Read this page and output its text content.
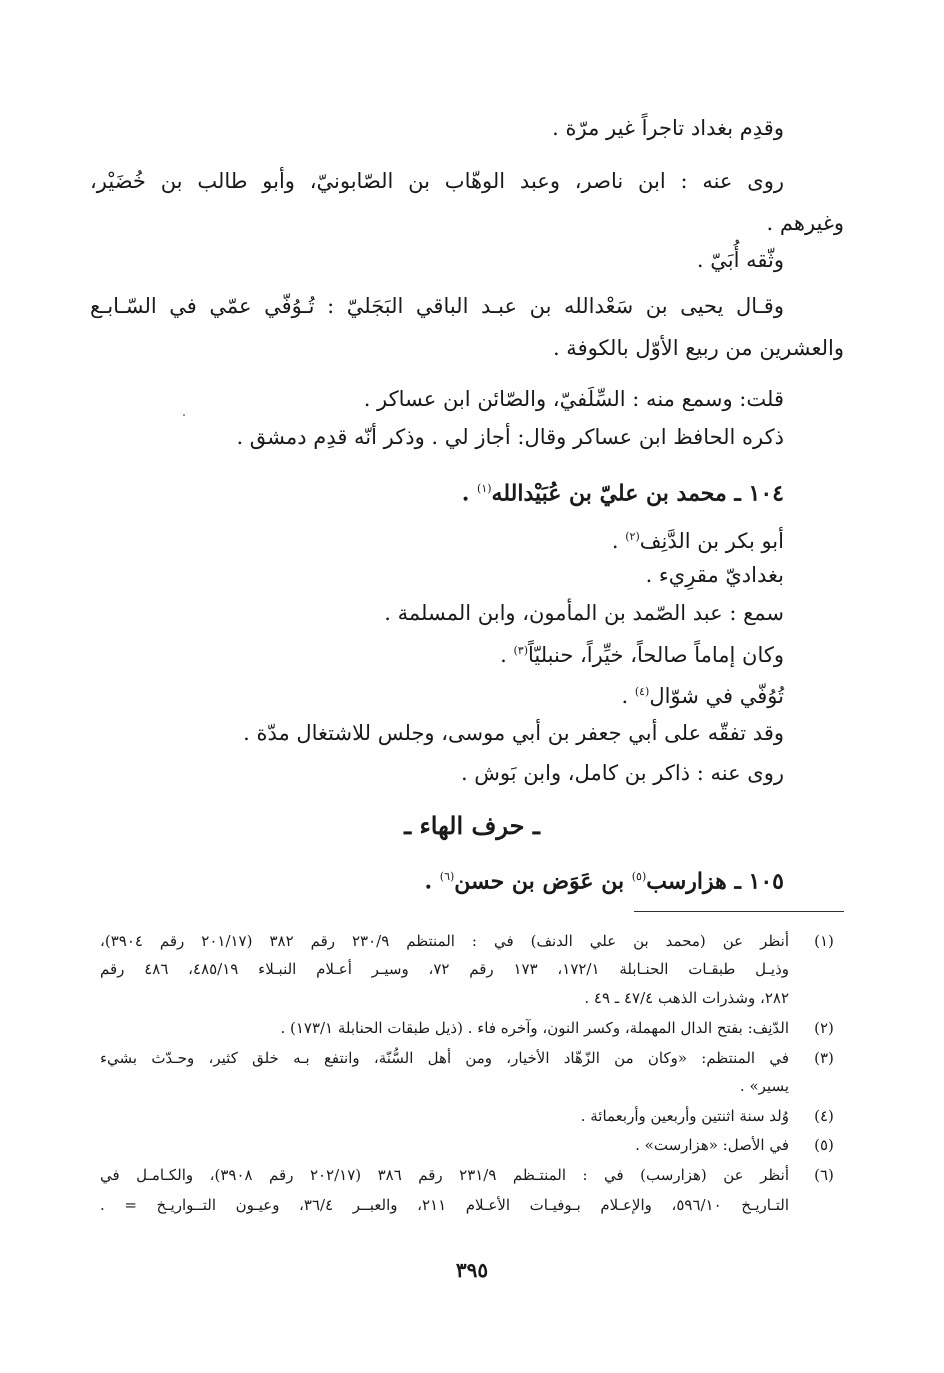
وقدِم بغداد تاجراً غير مرّة .
روى عنه : ابن ناصر، وعبد الوهّاب بن الصّابونيّ، وأبو طالب بن خُضَيْر،
وغيرهم .
وثّقه أُبَيّ .
وقـال يحيى بن سَعْدالله بن عبـد الباقي البَجَليّ : تُـوُفّي عمّي في السّـابـع
والعشرين من ربيع الأوّل بالكوفة .
قلت: وسمع منه : السِّلَفيّ، والصّائن ابن عساكر .
ذكره الحافظ ابن عساكر وقال: أجاز لي . وذكر أنّه قدِم دمشق .
١٠٤ ـ محمد بن عليّ بن عُبَيْدالله$^{(١)}$ .
أبو بكر بن الدَّنِف$^{(٢)}$ .
بغداديّ مقرِيء .
سمع : عبد الصّمد بن المأمون، وابن المسلمة .
وكان إماماً صالحاً، خيِّراً، حنبليّاً$^{(٣)}$ .
تُوُفّي في شوّال$^{(٤)}$ .
وقد تفقّه على أبي جعفر بن أبي موسى، وجلس للاشتغال مدّة .
روى عنه : ذاكر بن كامل، وابن بَوش .
ـ حرف الهاء ـ
١٠٥ ـ هزارسب$^{(٥)}$ بن عَوَض بن حسن$^{(٦)}$ .
(١)
أنظر عن (محمد بن علي الدنف) في : المنتظم ٢٣٠/٩ رقم ٣٨٢ (٢٠١/١٧ رقم ٣٩٠٤)،
وذيـل طبقـات الحنـابلة ١٧٢/١، ١٧٣ رقم ٧٢، وسيـر أعـلام النبـلاء ٤٨٥/١٩، ٤٨٦ رقم
٢٨٢، وشذرات الذهب ٤٧/٤ ـ ٤٩ .
(٢)
الدّنِف: بفتح الدال المهملة، وكسر النون، وآخره فاء . (ذيل طبقات الحنابلة ١٧٣/١) .
(٣)
في المنتظم: «وكان من الزّهّاد الأخيار، ومن أهل السُّنّة، وانتفع بـه خلق كثير، وحـدّث بشيء
يسير» .
(٤)
وُلد سنة اثنتين وأربعين وأربعمائة .
(٥)
في الأصل: «هزارست» .
(٦)
أنظر عن (هزارسب) في : المنتـظم ٢٣١/٩ رقم ٣٨٦ (٢٠٢/١٧ رقم ٣٩٠٨)، والكـامـل في
التـاريـخ ٥٩٦/١٠، والإعـلام بـوفيـات الأعـلام ٢١١، والعبــر ٣٦/٤، وعيـون التــواريـخ = .
٣٩٥
